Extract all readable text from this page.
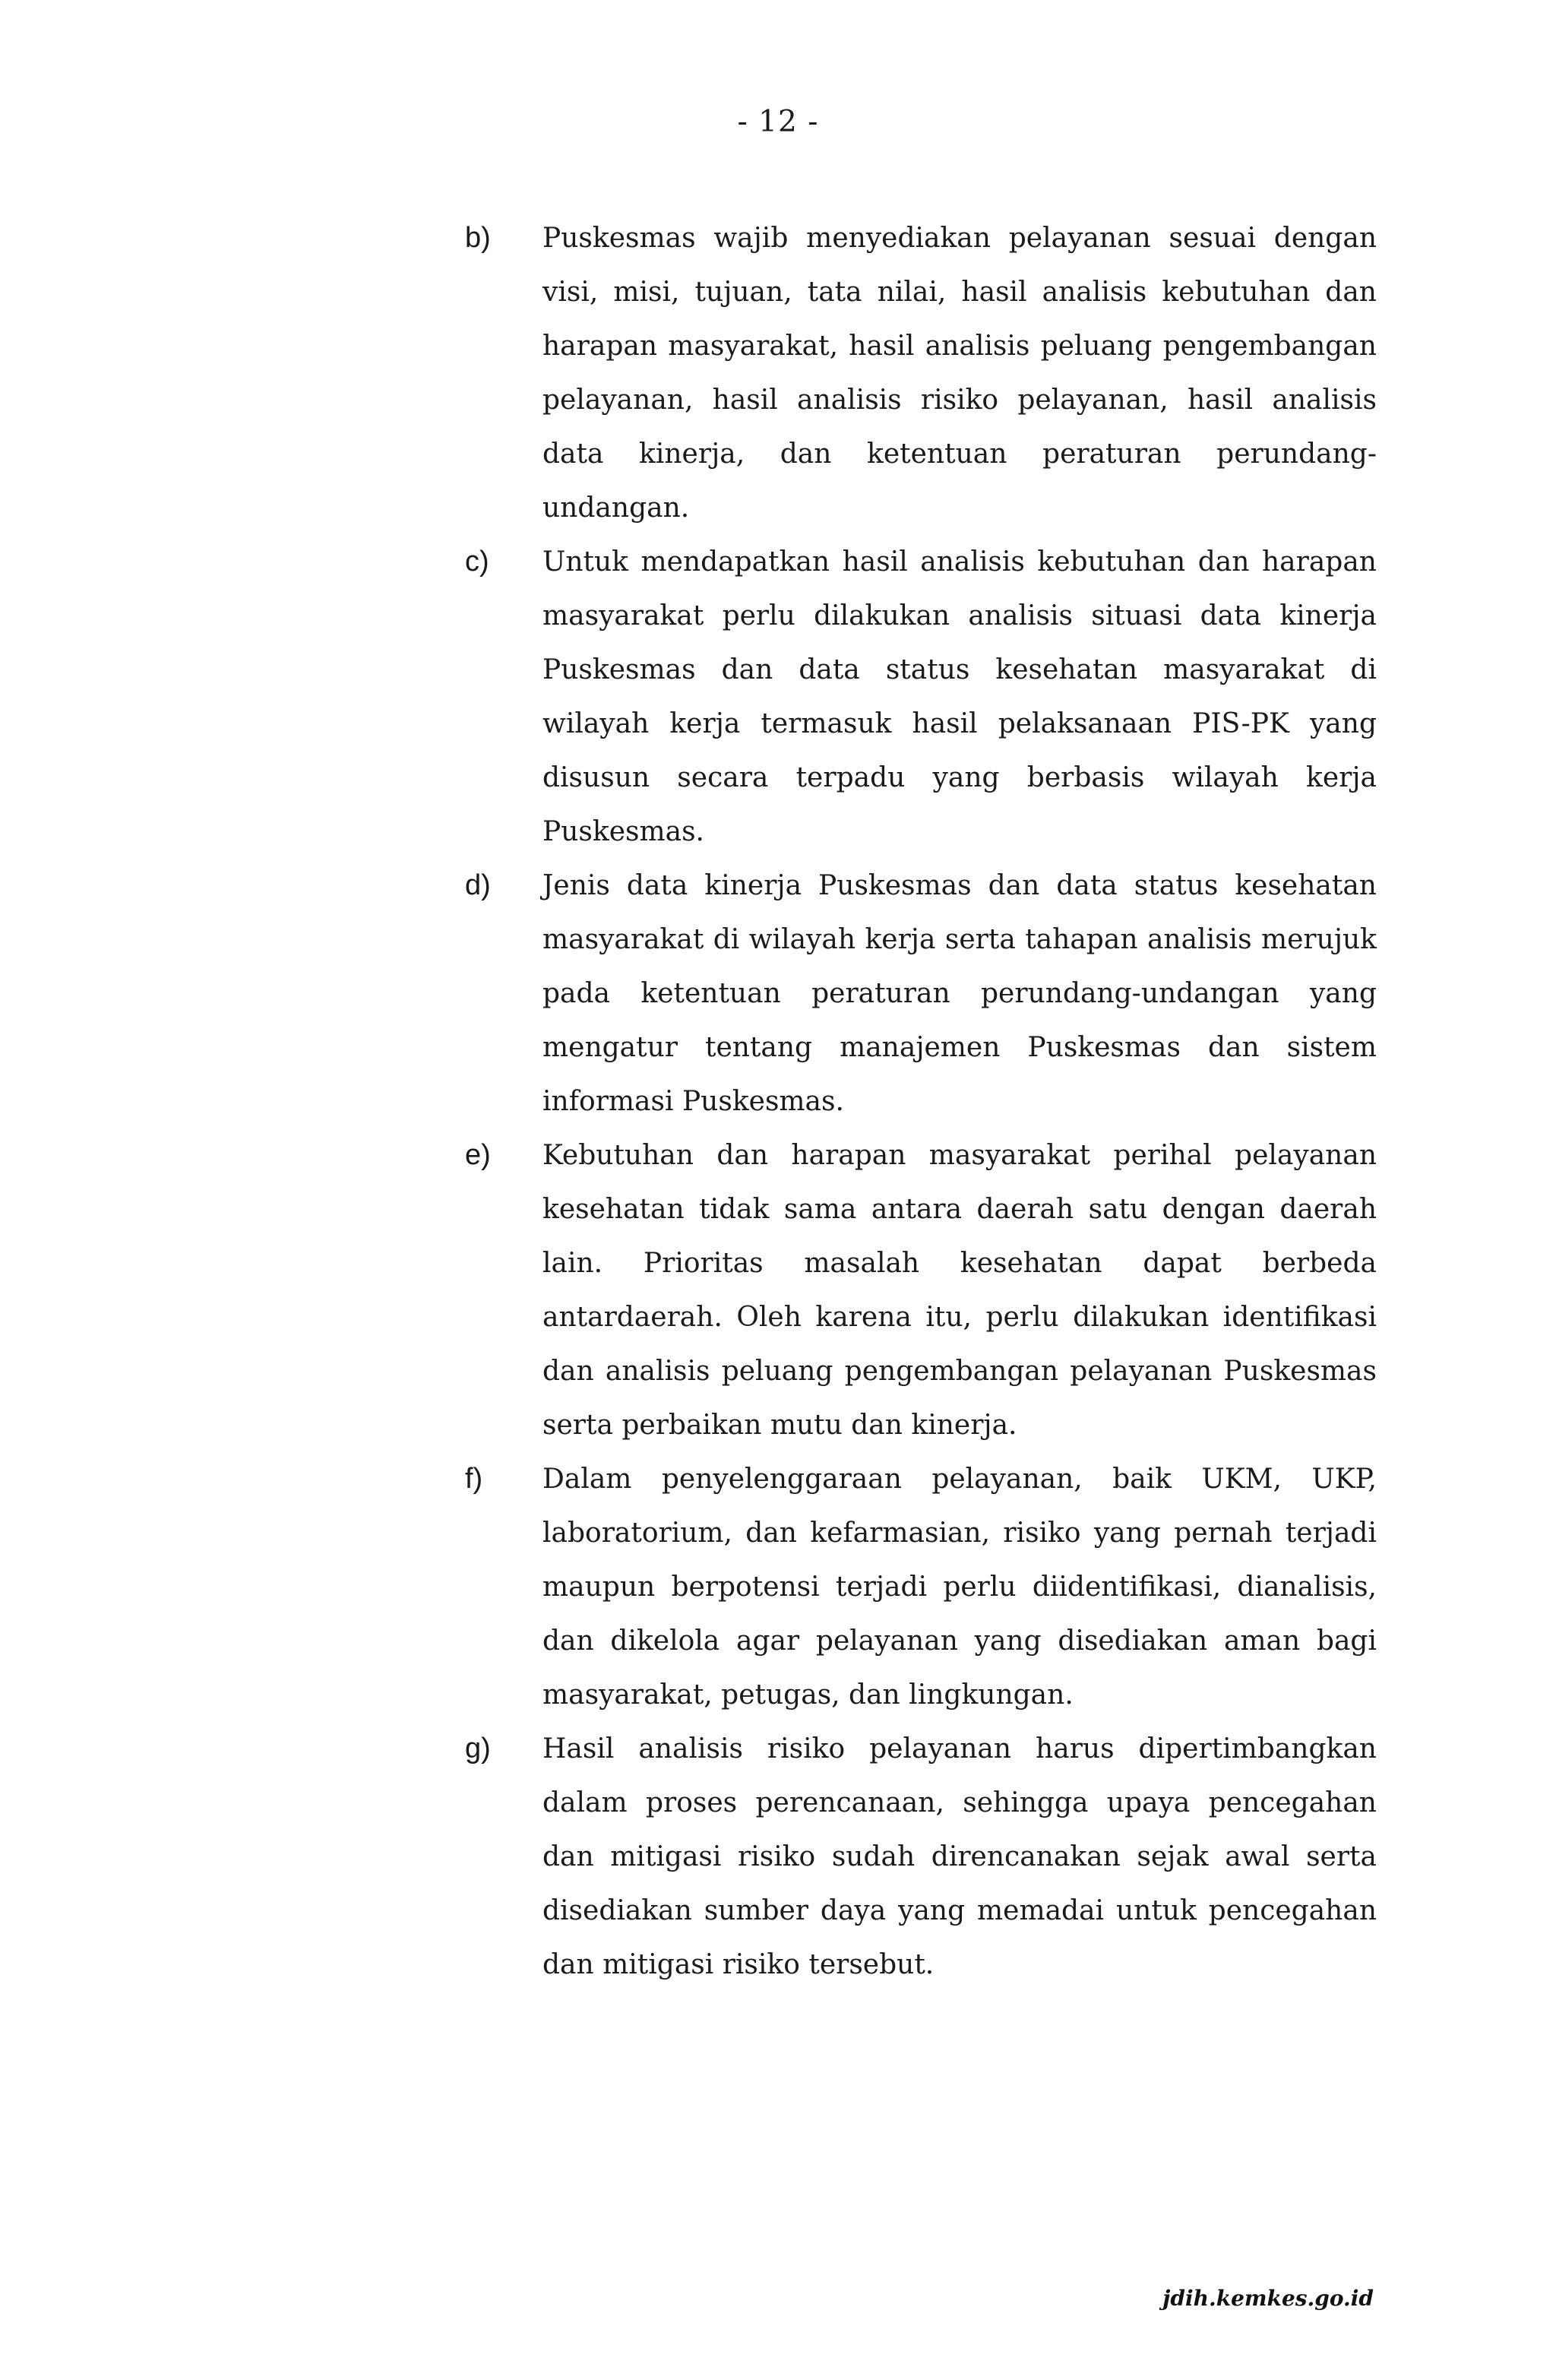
- 12 -
b)	Puskesmas wajib menyediakan pelayanan sesuai dengan visi, misi, tujuan, tata nilai, hasil analisis kebutuhan dan harapan masyarakat, hasil analisis peluang pengembangan pelayanan, hasil analisis risiko pelayanan, hasil analisis data kinerja, dan ketentuan peraturan perundang-undangan.

c)	Untuk mendapatkan hasil analisis kebutuhan dan harapan masyarakat perlu dilakukan analisis situasi data kinerja Puskesmas dan data status kesehatan masyarakat di wilayah kerja termasuk hasil pelaksanaan PIS-PK yang disusun secara terpadu yang berbasis wilayah kerja Puskesmas.

d)	Jenis data kinerja Puskesmas dan data status kesehatan masyarakat di wilayah kerja serta tahapan analisis merujuk pada ketentuan peraturan perundang-undangan yang mengatur tentang manajemen Puskesmas dan sistem informasi Puskesmas.

e)	Kebutuhan dan harapan masyarakat perihal pelayanan kesehatan tidak sama antara daerah satu dengan daerah lain. Prioritas masalah kesehatan dapat berbeda antardaerah. Oleh karena itu, perlu dilakukan identifikasi dan analisis peluang pengembangan pelayanan Puskesmas serta perbaikan mutu dan kinerja.

f)	Dalam penyelenggaraan pelayanan, baik UKM, UKP, laboratorium, dan kefarmasian, risiko yang pernah terjadi maupun berpotensi terjadi perlu diidentifikasi, dianalisis, dan dikelola agar pelayanan yang disediakan aman bagi masyarakat, petugas, dan lingkungan.

g)	Hasil analisis risiko pelayanan harus dipertimbangkan dalam proses perencanaan, sehingga upaya pencegahan dan mitigasi risiko sudah direncanakan sejak awal serta disediakan sumber daya yang memadai untuk pencegahan dan mitigasi risiko tersebut.

jdih.kemkes.go.id
